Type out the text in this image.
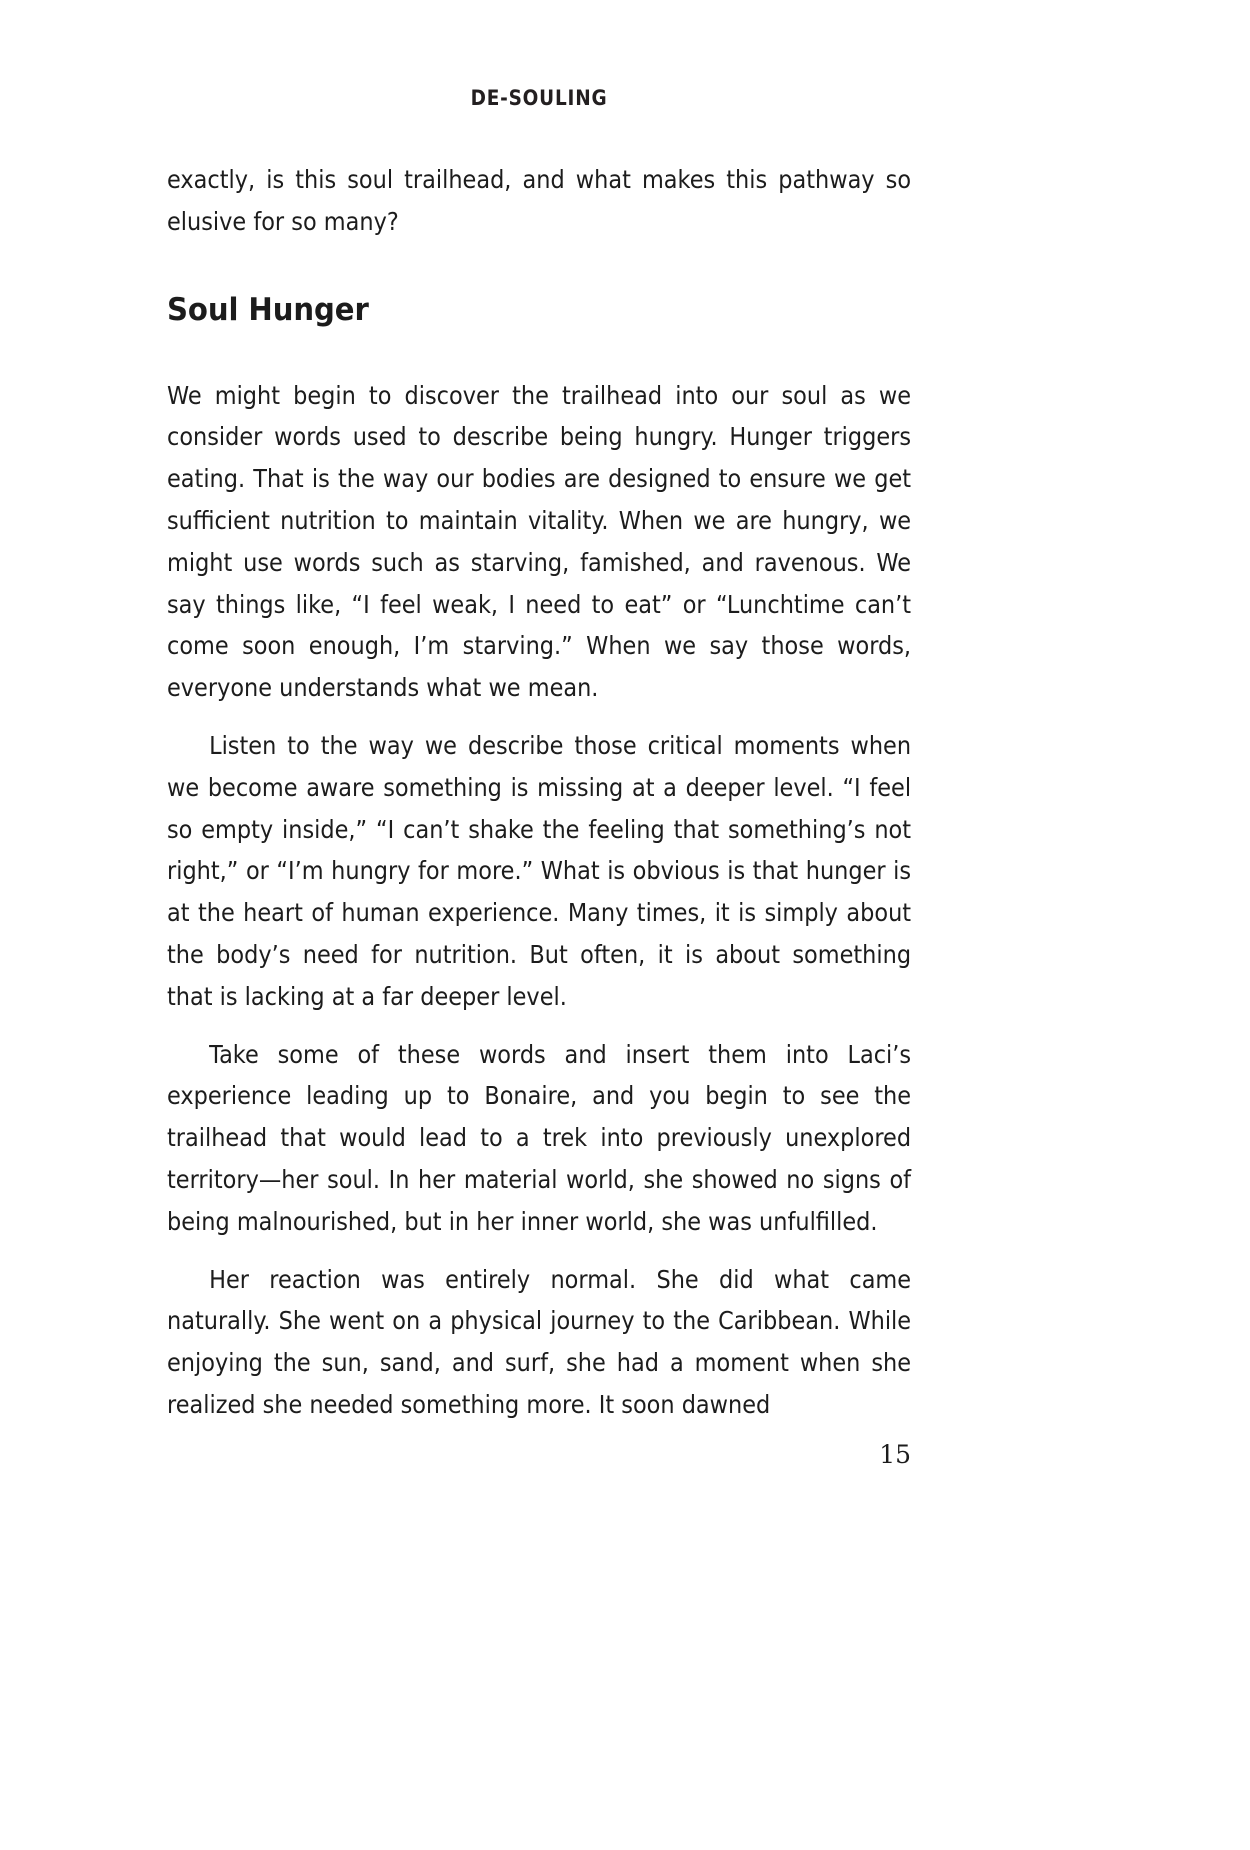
DE-SOULING

exactly, is this soul trailhead, and what makes this pathway so elusive for so many?

Soul Hunger

We might begin to discover the trailhead into our soul as we consider words used to describe being hungry. Hunger triggers eating. That is the way our bodies are designed to ensure we get sufficient nutrition to maintain vitality. When we are hungry, we might use words such as starving, famished, and ravenous. We say things like, “I feel weak, I need to eat” or “Lunchtime can’t come soon enough, I’m starving.” When we say those words, everyone understands what we mean.

Listen to the way we describe those critical moments when we become aware something is missing at a deeper level. “I feel so empty inside,” “I can’t shake the feeling that something’s not right,” or “I’m hungry for more.” What is obvious is that hunger is at the heart of human experience. Many times, it is simply about the body’s need for nutrition. But often, it is about something that is lacking at a far deeper level.

Take some of these words and insert them into Laci’s experience leading up to Bonaire, and you begin to see the trailhead that would lead to a trek into previously unexplored territory—her soul. In her material world, she showed no signs of being malnourished, but in her inner world, she was unfulfilled.

Her reaction was entirely normal. She did what came naturally. She went on a physical journey to the Caribbean. While enjoying the sun, sand, and surf, she had a moment when she realized she needed something more. It soon dawned

15
